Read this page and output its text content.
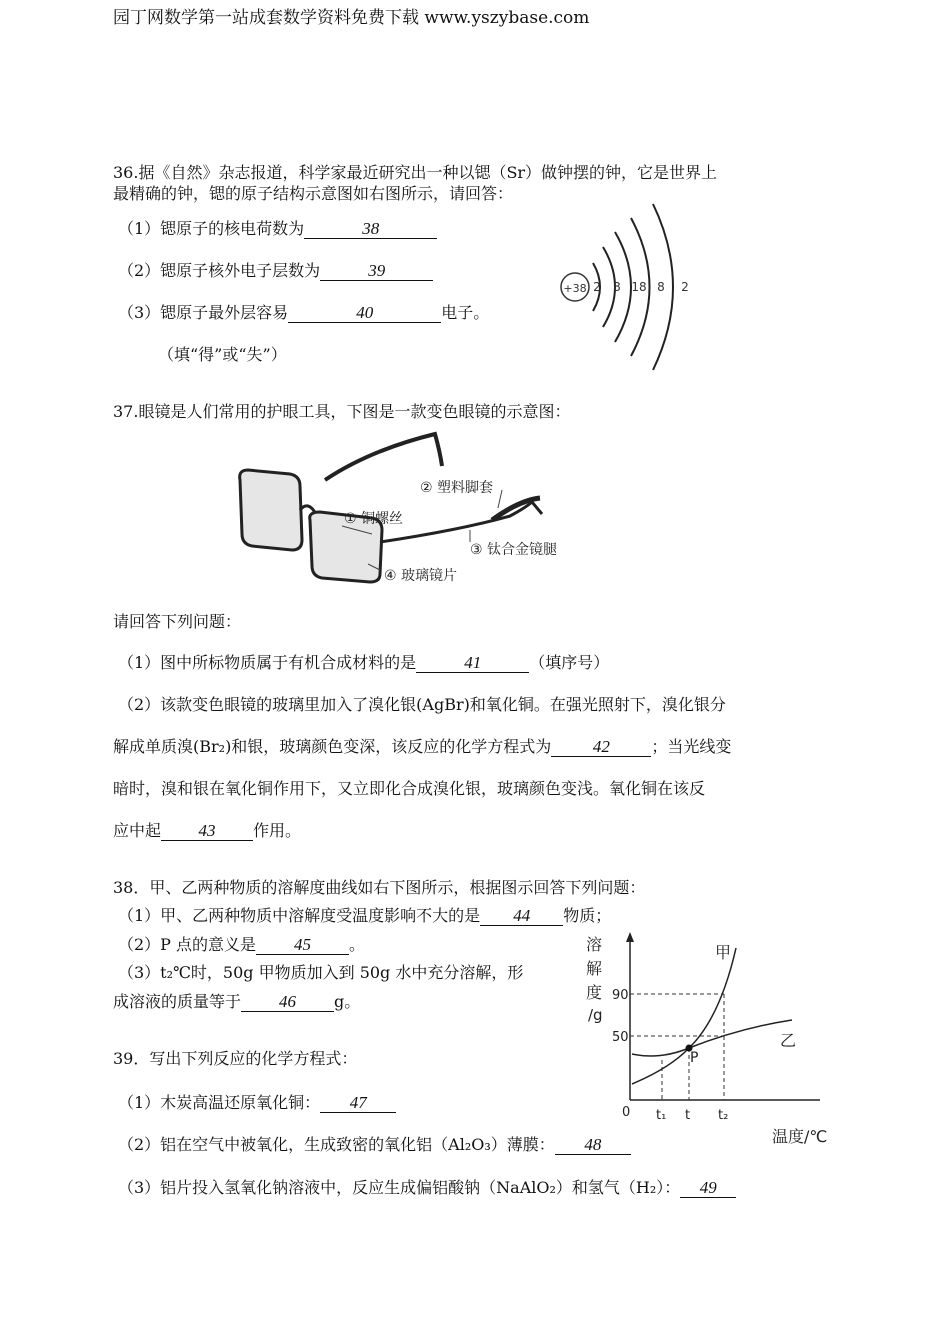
园丁网数学第一站成套数学资料免费下载 www.yszybase.com
36.据《自然》杂志报道，科学家最近研究出一种以锶（Sr）做钟摆的钟，它是世界上
最精确的钟，锶的原子结构示意图如右图所示，请回答：
（1）锶原子的核电荷数为	38
（2）锶原子核外电子层数为	39
（3）锶原子最外层容易	40	电子。
（填“得”或“失”）
+38 2 8 18 8 2
37.眼镜是人们常用的护眼工具，下图是一款变色眼镜的示意图：
② 塑料脚套
① 铜螺丝
③ 钛合金镜腿
④ 玻璃镜片
请回答下列问题：
（1）图中所标物质属于有机合成材料的是	41	（填序号）
（2）该款变色眼镜的玻璃里加入了溴化银(AgBr)和氧化铜。在强光照射下，溴化银分
解成单质溴(Br₂)和银，玻璃颜色变深，该反应的化学方程式为 42	；当光线变
暗时，溴和银在氧化铜作用下，又立即化合成溴化银，玻璃颜色变浅。氧化铜在该反
应中起 43 作用。
38．甲、乙两种物质的溶解度曲线如右下图所示，根据图示回答下列问题：
（1）甲、乙两种物质中溶解度受温度影响不大的是 44 物质；
（2）P 点的意义是 45 。
（3）t₂℃时，50g 甲物质加入到 50g 水中充分溶解，形
成溶液的质量等于 46 g。
溶
解
度
/g
甲
乙
P
90
50
0 t₁ t t₂
温度/℃
39．写出下列反应的化学方程式：
（1）木炭高温还原氧化铜： 47
（2）铝在空气中被氧化，生成致密的氧化铝（Al₂O₃）薄膜： 48
（3）铝片投入氢氧化钠溶液中，反应生成偏铝酸钠（NaAlO₂）和氢气（H₂）： 49
